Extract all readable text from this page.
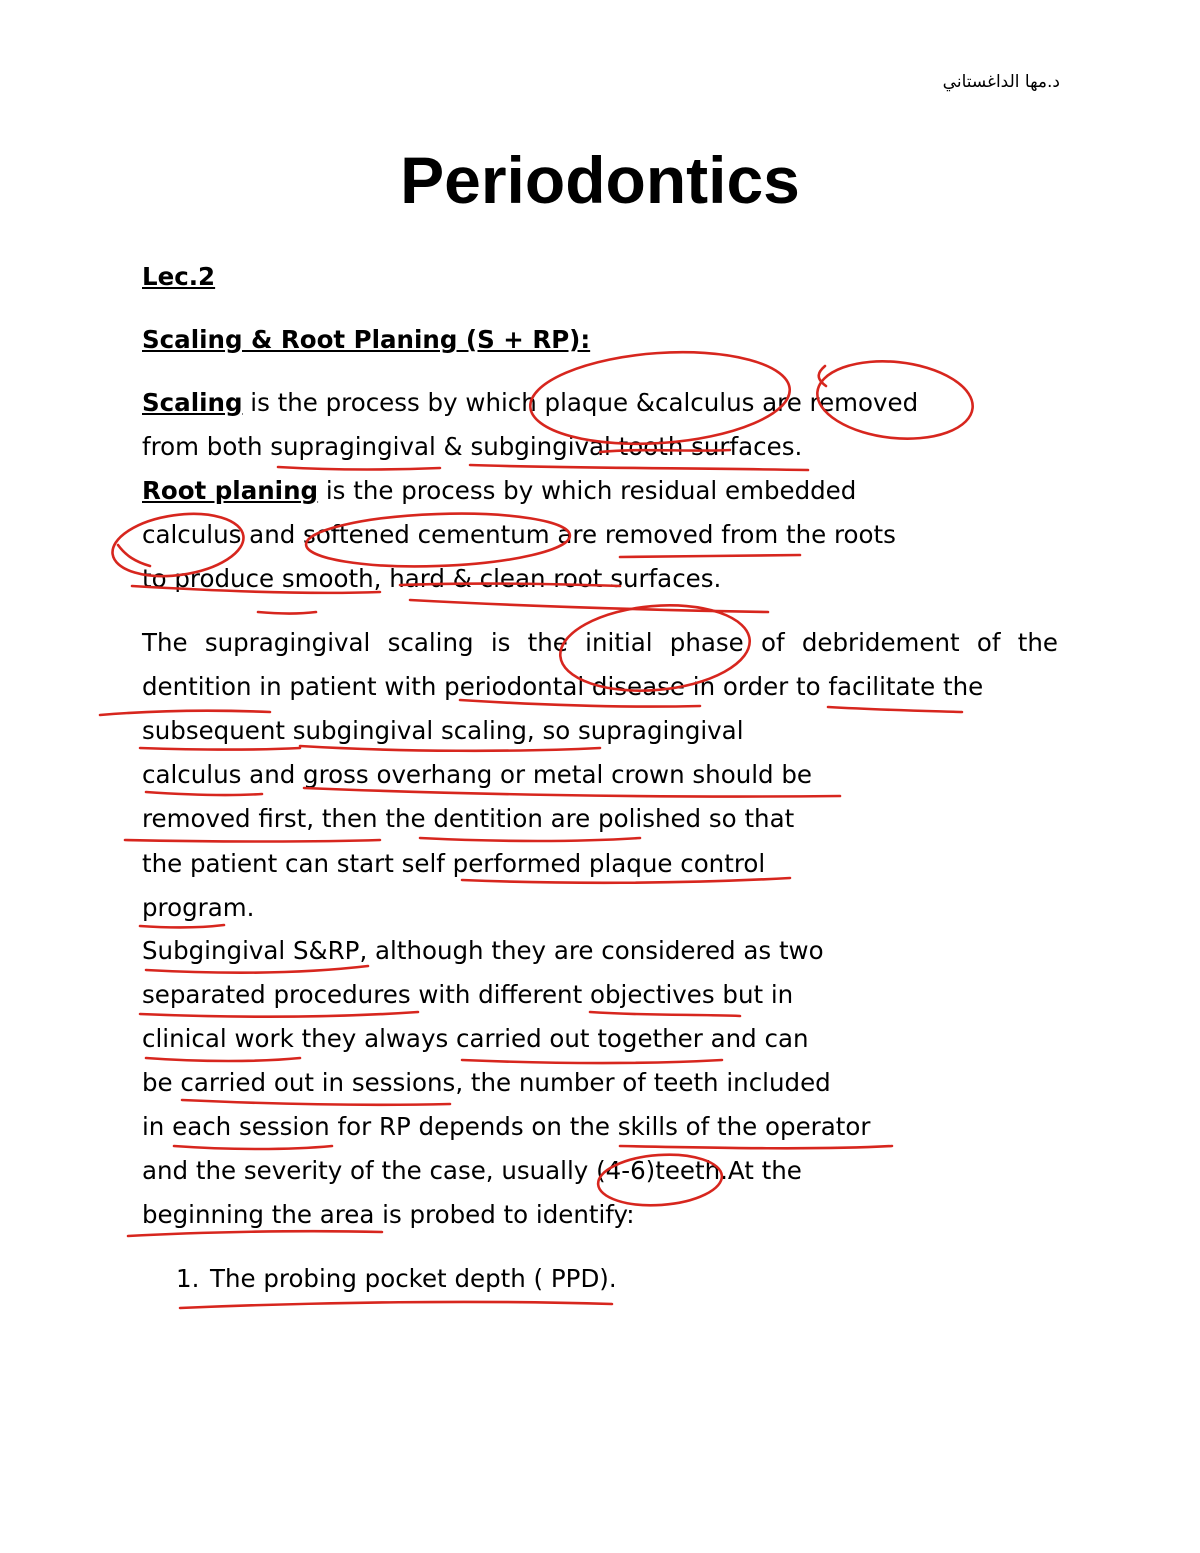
د.مها الداغستاني
Periodontics
Lec.2
Scaling & Root Planing (S + RP):
Scaling is the process by which plaque &calculus are removed
from both supragingival & subgingival tooth surfaces.
Root planing is the process by which residual embedded
calculus and softened cementum are removed from the roots
to produce smooth, hard & clean root surfaces.
The supragingival scaling is the initial phase of debridement of the
dentition in patient with periodontal disease in order to facilitate the
subsequent subgingival scaling, so supragingival
calculus and gross overhang or metal crown should be
removed first, then the dentition are polished so that
the patient can start self performed plaque control
program.
Subgingival S&RP, although they are considered as two
separated procedures with different objectives but in
clinical work they always carried out together and can
be carried out in sessions, the number of teeth included
in each session for RP depends on the skills of the operator
and the severity of the case, usually (4-6)teeth.At the
beginning the area is probed to identify:
1. The probing pocket depth ( PPD).
